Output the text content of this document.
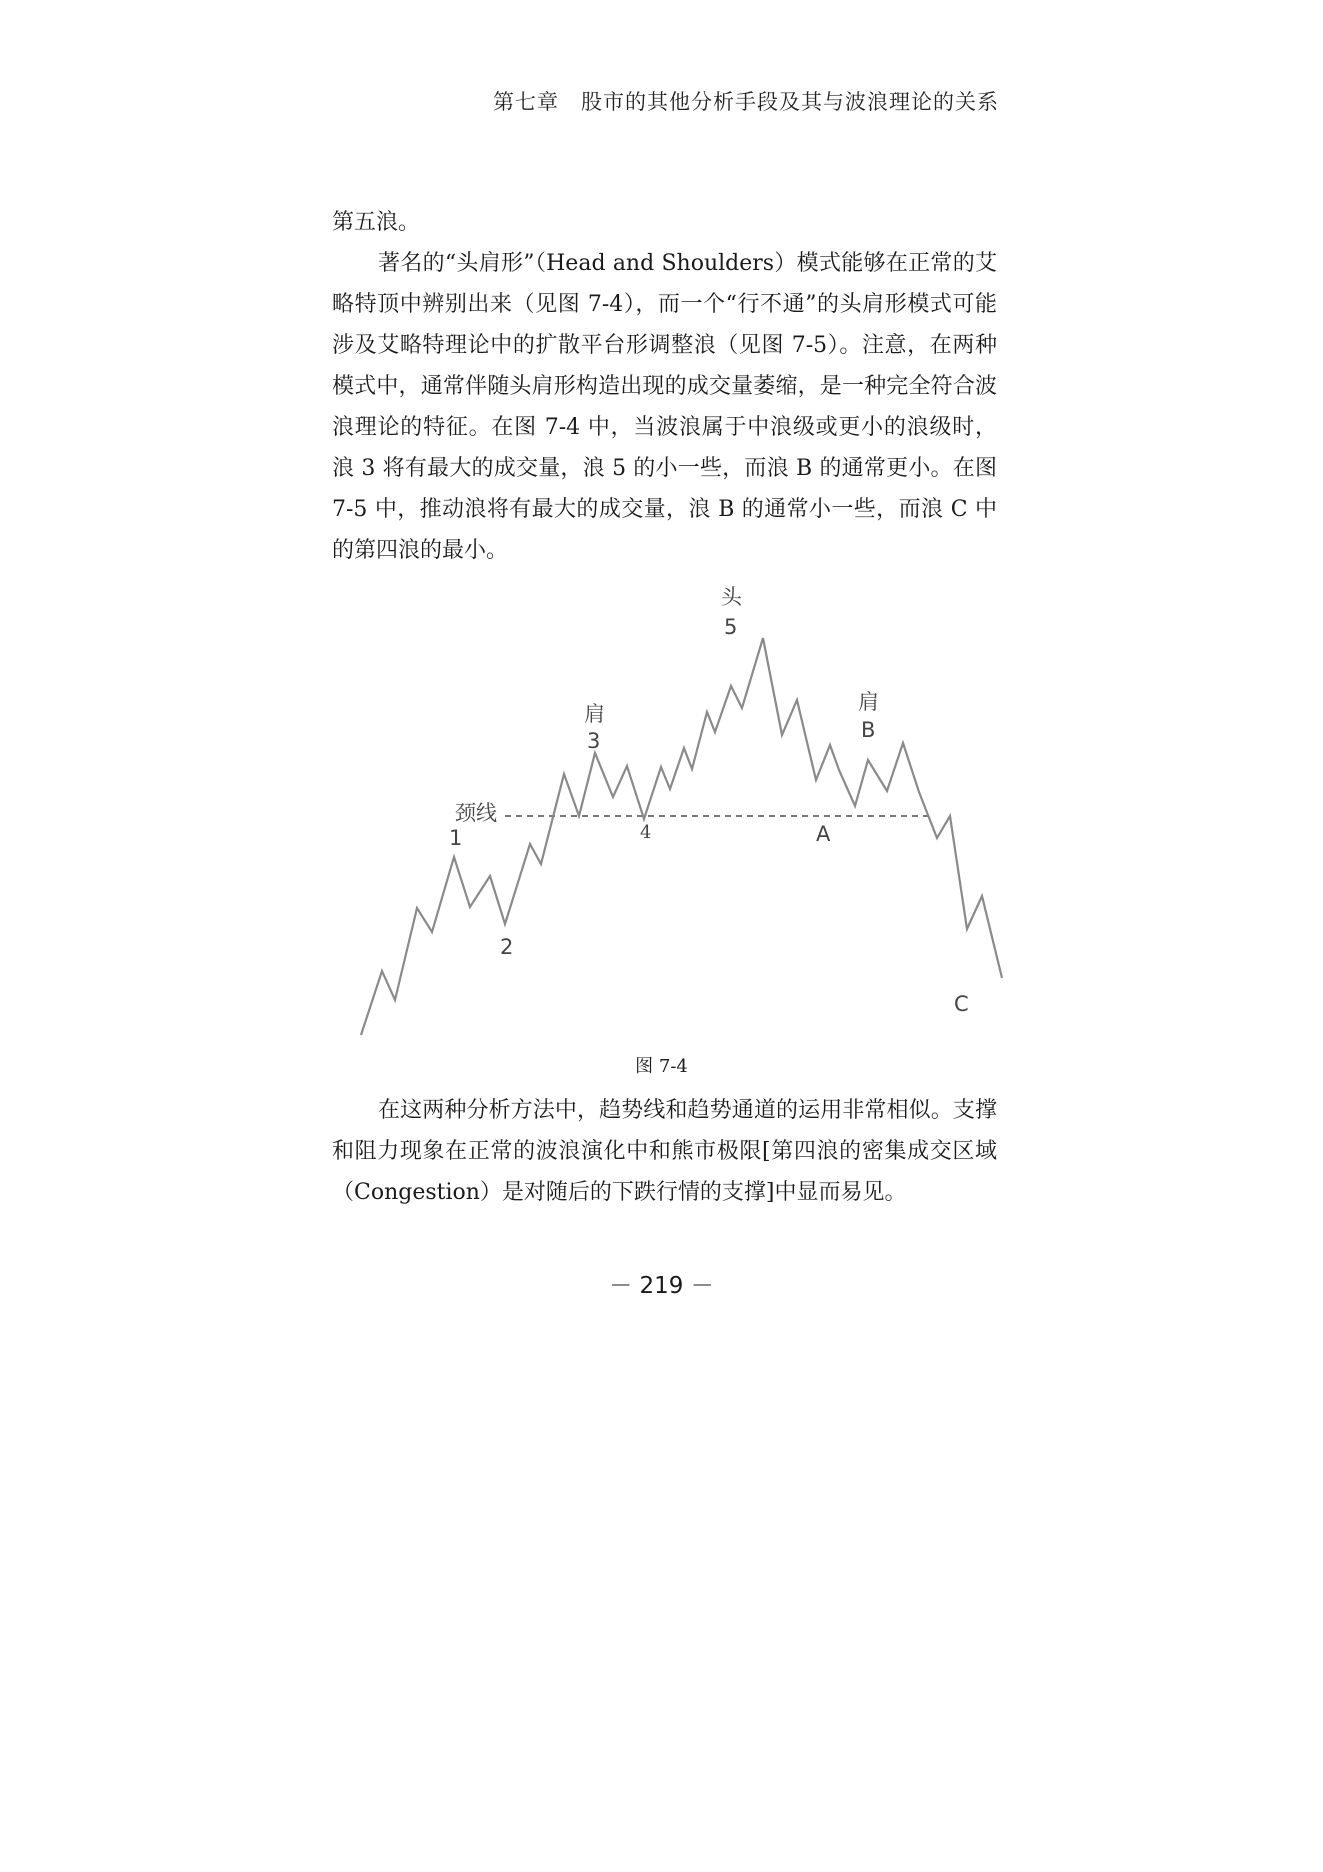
第七章　股市的其他分析手段及其与波浪理论的关系

第五浪。

著名的“头肩形”（Head and Shoulders）模式能够在正常的艾略特顶中辨别出来（见图 7-4），而一个“行不通”的头肩形模式可能涉及艾略特理论中的扩散平台形调整浪（见图 7-5）。注意，在两种模式中，通常伴随头肩形构造出现的成交量萎缩，是一种完全符合波浪理论的特征。在图 7-4 中，当波浪属于中浪级或更小的浪级时，浪 3 将有最大的成交量，浪 5 的小一些，而浪 B 的通常更小。在图 7-5 中，推动浪将有最大的成交量，浪 B 的通常小一些，而浪 C 中的第四浪的最小。

颈线
1
2
肩
3
4
头
5
肩
B
A
C
图 7-4

在这两种分析方法中，趋势线和趋势通道的运用非常相似。支撑和阻力现象在正常的波浪演化中和熊市极限[第四浪的密集成交区域（Congestion）是对随后的下跌行情的支撑]中显而易见。

－ 219 －
